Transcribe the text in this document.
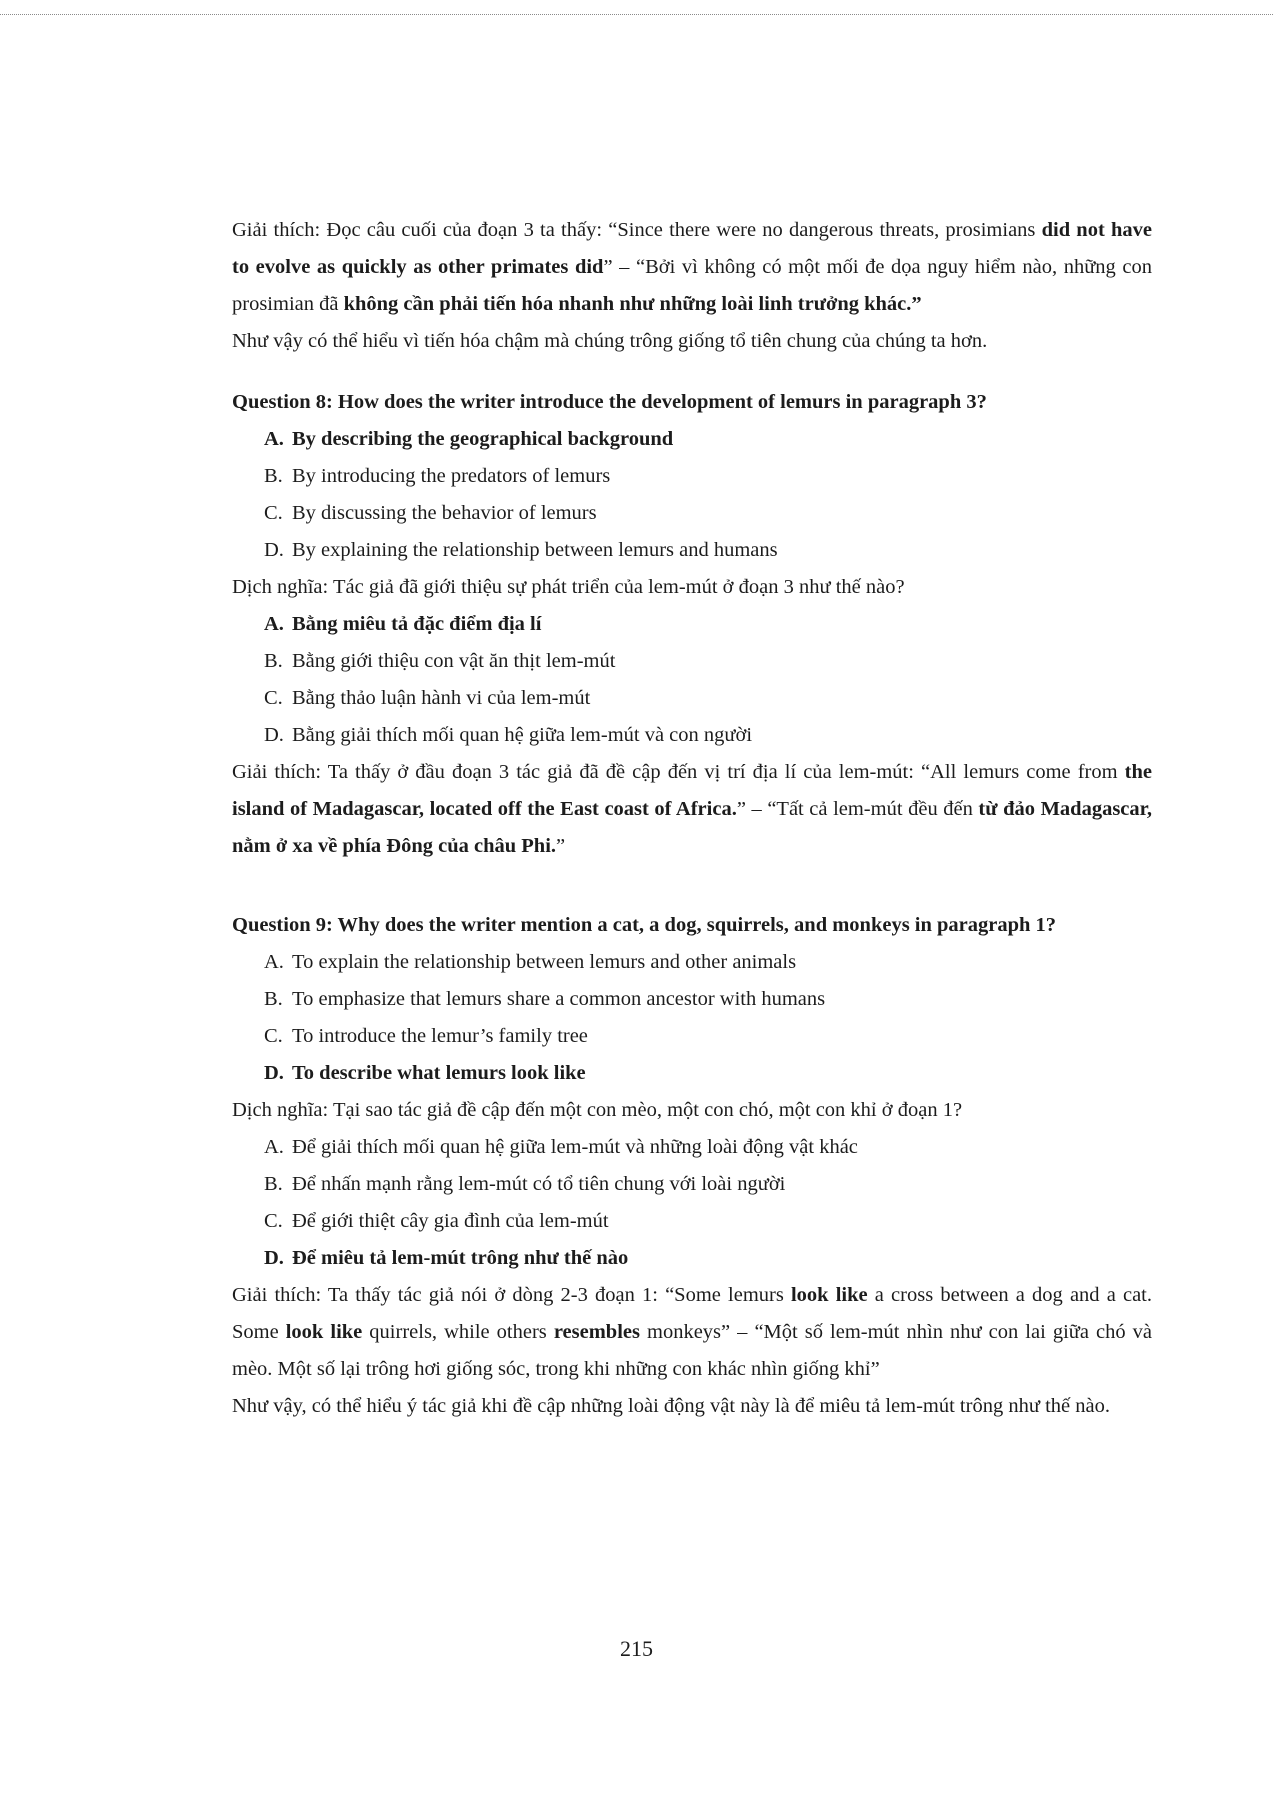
Giải thích: Đọc câu cuối của đoạn 3 ta thấy: “Since there were no dangerous threats, prosimians did not have to evolve as quickly as other primates did” – “Bởi vì không có một mối đe dọa nguy hiểm nào, những con prosimian đã không cần phải tiến hóa nhanh như những loài linh trưởng khác.”

Như vậy có thể hiểu vì tiến hóa chậm mà chúng trông giống tổ tiên chung của chúng ta hơn.

Question 8: How does the writer introduce the development of lemurs in paragraph 3?

A. By describing the geographical background

B. By introducing the predators of lemurs

C. By discussing the behavior of lemurs

D. By explaining the relationship between lemurs and humans

Dịch nghĩa: Tác giả đã giới thiệu sự phát triển của lem-mút ở đoạn 3 như thế nào?

A. Bằng miêu tả đặc điểm địa lí

B. Bằng giới thiệu con vật ăn thịt lem-mút

C. Bằng thảo luận hành vi của lem-mút

D. Bằng giải thích mối quan hệ giữa lem-mút và con người

Giải thích: Ta thấy ở đầu đoạn 3 tác giả đã đề cập đến vị trí địa lí của lem-mút: “All lemurs come from the island of Madagascar, located off the East coast of Africa.” – “Tất cả lem-mút đều đến từ đảo Madagascar, nằm ở xa về phía Đông của châu Phi.”

Question 9: Why does the writer mention a cat, a dog, squirrels, and monkeys in paragraph 1?

A. To explain the relationship between lemurs and other animals

B. To emphasize that lemurs share a common ancestor with humans

C. To introduce the lemur’s family tree

D. To describe what lemurs look like

Dịch nghĩa: Tại sao tác giả đề cập đến một con mèo, một con chó, một con khỉ ở đoạn 1?

A. Để giải thích mối quan hệ giữa lem-mút và những loài động vật khác

B. Để nhấn mạnh rằng lem-mút có tổ tiên chung với loài người

C. Để giới thiệt cây gia đình của lem-mút

D. Để miêu tả lem-mút trông như thế nào

Giải thích: Ta thấy tác giả nói ở dòng 2-3 đoạn 1: “Some lemurs look like a cross between a dog and a cat. Some look like quirrels, while others resembles monkeys” – “Một số lem-mút nhìn như con lai giữa chó và mèo. Một số lại trông hơi giống sóc, trong khi những con khác nhìn giống khỉ”

Như vậy, có thể hiểu ý tác giả khi đề cập những loài động vật này là để miêu tả lem-mút trông như thế nào.

215
